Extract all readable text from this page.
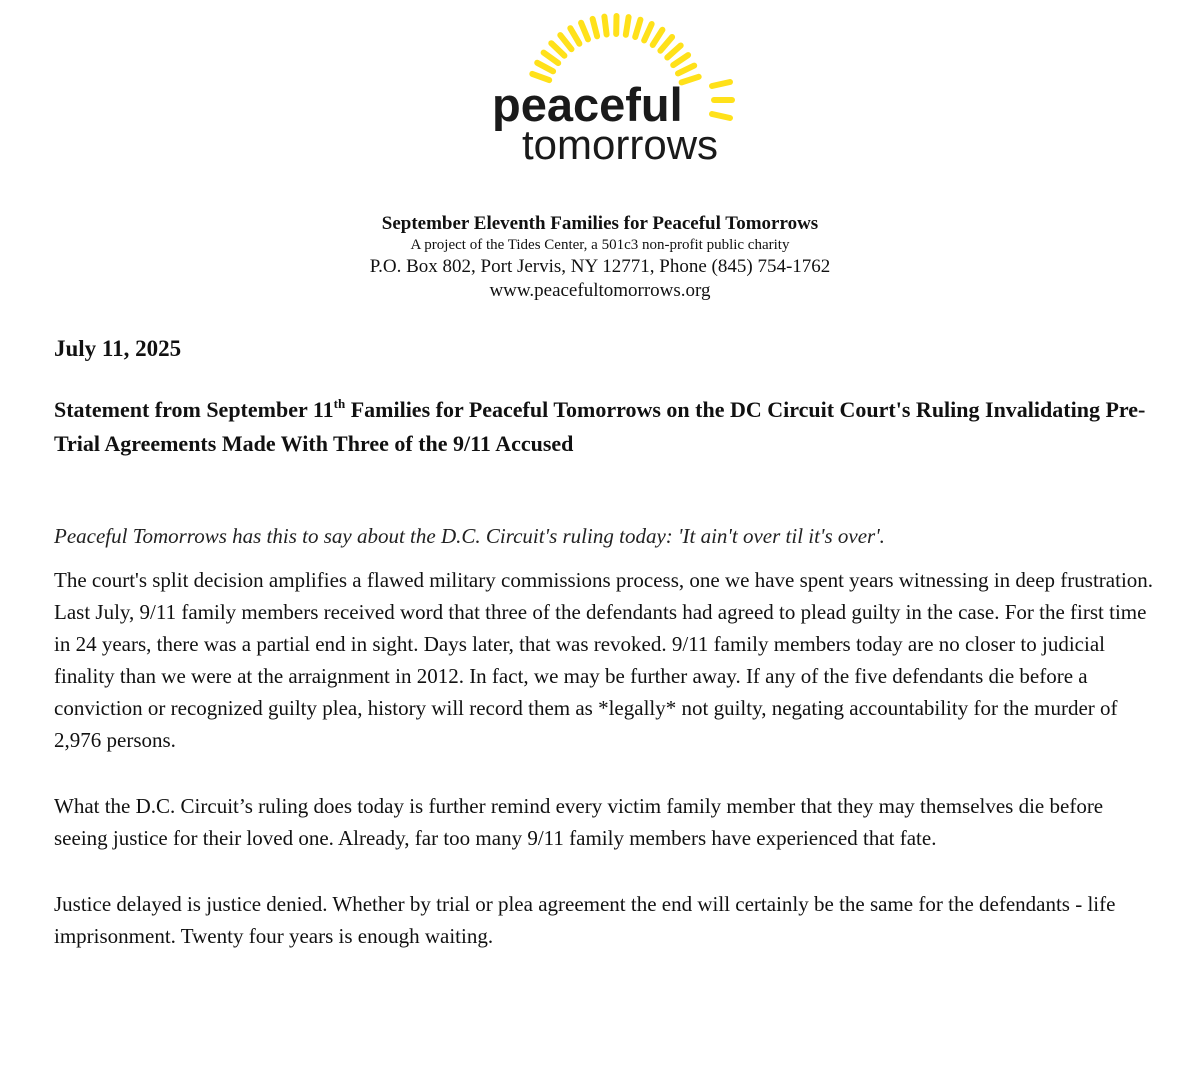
peaceful
tomorrows
September Eleventh Families for Peaceful Tomorrows
A project of the Tides Center, a 501c3 non-profit public charity
P.O. Box 802, Port Jervis, NY 12771, Phone (845) 754-1762
www.peacefultomorrows.org
July 11, 2025
Statement from September 11th Families for Peaceful Tomorrows on the DC Circuit Court's Ruling Invalidating Pre-Trial Agreements Made With Three of the 9/11 Accused

Peaceful Tomorrows has this to say about the D.C. Circuit's ruling today: 'It ain't over til it's over'.

The court's split decision amplifies a flawed military commissions process, one we have spent years witnessing in deep frustration. Last July, 9/11 family members received word that three of the defendants had agreed to plead guilty in the case. For the first time in 24 years, there was a partial end in sight. Days later, that was revoked. 9/11 family members today are no closer to judicial finality than we were at the arraignment in 2012. In fact, we may be further away. If any of the five defendants die before a conviction or recognized guilty plea, history will record them as *legally* not guilty, negating accountability for the murder of 2,976 persons.

What the D.C. Circuit’s ruling does today is further remind every victim family member that they may themselves die before seeing justice for their loved one. Already, far too many 9/11 family members have experienced that fate.

Justice delayed is justice denied. Whether by trial or plea agreement the end will certainly be the same for the defendants - life imprisonment. Twenty four years is enough waiting.
